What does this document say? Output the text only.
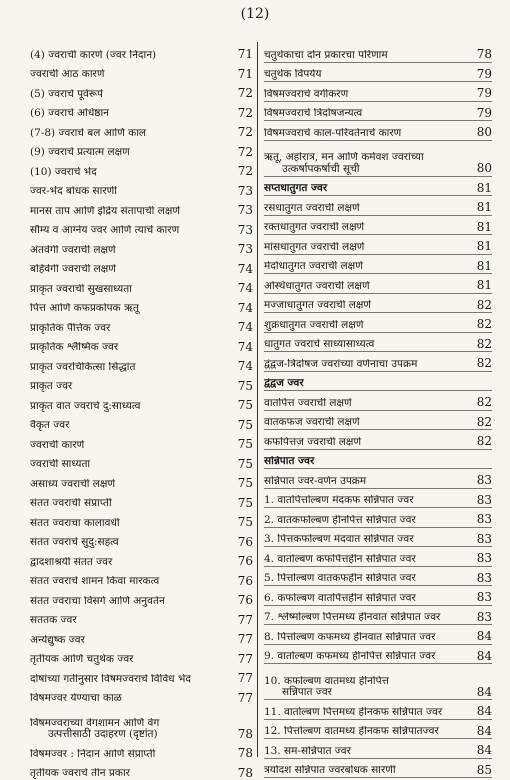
(12)
(4) ज्वराची कारणे (ज्वर निदान)	71
ज्वराची आठ कारणे	71
(5) ज्वराचे पूर्वरूपे	72
(6) ज्वराचे अधिष्ठान	72
(7-8) ज्वराचे बल आणि काल	72
(9) ज्वराचे प्रत्यात्म लक्षण	72
(10) ज्वराचे भेद	72
ज्वर-भेद बोधक सारणी	73
मानस ताप आणि इंद्रिय संतापाची लक्षणे	73
सौम्य व आग्नेय ज्वर आणि त्याचे कारण	73
अंतर्वेगी ज्वराची लक्षणे	73
बहिर्वेगी ज्वराची लक्षणे	74
प्राकृत ज्वराची सुखसाध्यता	74
पित्त आणि कफप्रकोपक ऋतू	74
प्राकृतिक पैत्तिक ज्वर	74
प्राकृतिक श्लैष्मिक ज्वर	74
प्राकृत ज्वरचिकित्सा सिद्धांत	74
प्राकृत ज्वर	75
प्राकृत वात ज्वराचे दु:साध्यत्व	75
वैकृत ज्वर	75
ज्वराची कारणे	75
ज्वराची साध्यता	75
असाध्य ज्वराची लक्षणे	75
संतत ज्वराची संप्राप्ती	75
संतत ज्वराचा कालावधी	75
संतत ज्वराचे सुदु:सहत्व	76
द्वादशाश्रयी संतत ज्वर	76
संतत ज्वराचे शामन किंवा मारकत्व	76
संतत ज्वराचा विसर्ग आणि अनुवर्तन	76
सततक ज्वर	77
अन्येद्युष्क ज्वर	77
तृतीयक आणि चतुर्थक ज्वर	77
दोषांच्या गतीनुसार विषमज्वराचे विविध भेद	77
विषमज्वर येण्याचा काळ	77
विषमज्वराच्या वेगशामन आणि वेग
उत्पत्तीसाठी उदाहरण (दृष्टांत)	78
विषमज्वर : निदान आणि संप्राप्ती	78
तृतीयक ज्वराचे तीन प्रकार	78
चतुर्थकाचा दोन प्रकारचा परिणाम	78
चतुर्थक विपर्यय	79
विषमज्वराचे वर्गीकरण	79
विषमज्वराचे त्रिदोषजन्यत्व	79
विषमज्वराचे काल-परिवर्तनाचे कारण	80
ऋतू, अहोरात्र, मन आणि कर्मवश ज्वरांच्या
उत्कर्षापकर्षाची सूची	80
सप्तधातुगत ज्वर	81
रसधातुगत ज्वराची लक्षणे	81
रक्तधातुगत ज्वराची लक्षणे	81
मांसधातुगत ज्वराची लक्षणे	81
मेदोधातुगत ज्वराची लक्षणे	81
अस्थिधातुगत ज्वराची लक्षणे	81
मज्जाधातुगत ज्वराची लक्षणे	82
शुक्रधातुगत ज्वराची लक्षणे	82
धातुगत ज्वराचे साध्यासाध्यत्व	82
द्वंद्वज-त्रिदोषज ज्वरांच्या वर्णनाचा उपक्रम	82
द्वंद्वज ज्वर
वातपित्त ज्वराची लक्षणे	82
वातकफज ज्वराची लक्षणे	82
कफपित्तज ज्वराची लक्षणे	82
सन्निपात ज्वर
सन्निपात ज्वर-वर्णन उपक्रम	83
1. वातपित्तोल्बण मंदकफ सन्निपात ज्वर	83
2. वातकफोल्बण हीनपित्त सन्निपात ज्वर	83
3. पित्तकफोल्बण मंदवात सन्निपात ज्वर	83
4. वातोल्बण कफपित्तहीन सन्निपात ज्वर	83
5. पित्तोल्बण वातकफहीन सन्निपात ज्वर	83
6. कफोल्बण वातपित्तहीन सन्निपात ज्वर	83
7. श्लेष्मोल्बण पित्तमध्य हीनवात सन्निपात ज्वर	83
8. पित्तोल्बण कफमध्य हीनवात सन्निपात ज्वर	84
9. वातोल्बण कफमध्य हीनपित्त सन्निपात ज्वर	84
10. कफोल्बण वातमध्य हीनपित्त
सन्निपात ज्वर	84
11. वातोल्बण पित्तमध्य हीनकफ सन्निपात ज्वर	84
12. पित्तोल्बण वातमध्य हीनकफ सन्निपातज्वर	84
13. सम-सन्निपात ज्वर	84
त्रयोदश सन्निपात ज्वरबोधक सारणी	85
